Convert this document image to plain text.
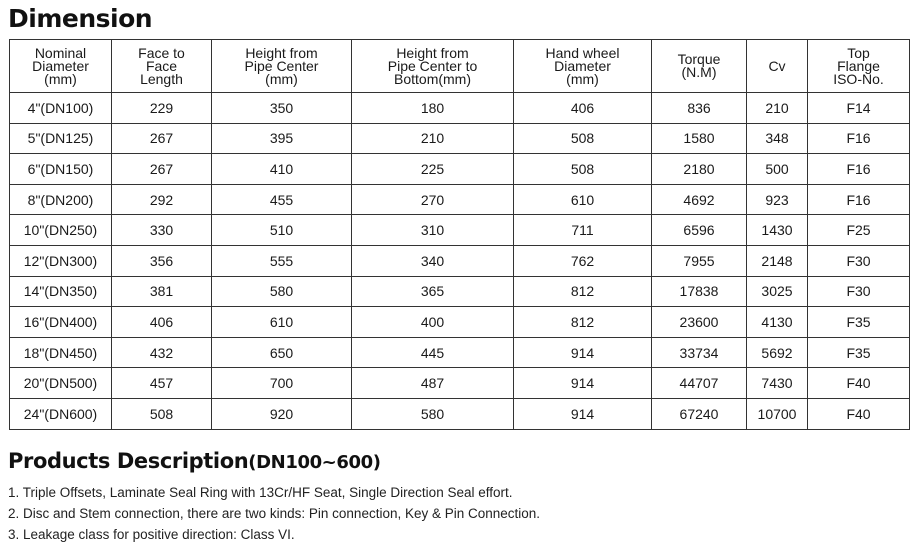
Dimension
Nominal
Diameter
(mm)	Face to
Face
Length	Height from
Pipe Center
(mm)	Height from
Pipe Center to
Bottom(mm)	Hand wheel
Diameter
(mm)	Torque
(N.M)	Cv	Top
Flange
ISO-No.

4"(DN100)	229	350	180	406	836	210	F14
5"(DN125)	267	395	210	508	1580	348	F16
6"(DN150)	267	410	225	508	2180	500	F16
8"(DN200)	292	455	270	610	4692	923	F16
10"(DN250)	330	510	310	711	6596	1430	F25
12"(DN300)	356	555	340	762	7955	2148	F30
14"(DN350)	381	580	365	812	17838	3025	F30
16"(DN400)	406	610	400	812	23600	4130	F35
18"(DN450)	432	650	445	914	33734	5692	F35
20"(DN500)	457	700	487	914	44707	7430	F40
24"(DN600)	508	920	580	914	67240	10700	F40
Products Description(DN100~600)
1. Triple Offsets, Laminate Seal Ring with 13Cr/HF Seat, Single Direction Seal effort.
2. Disc and Stem connection, there are two kinds: Pin connection, Key & Pin Connection.
3. Leakage class for positive direction: Class VI.
